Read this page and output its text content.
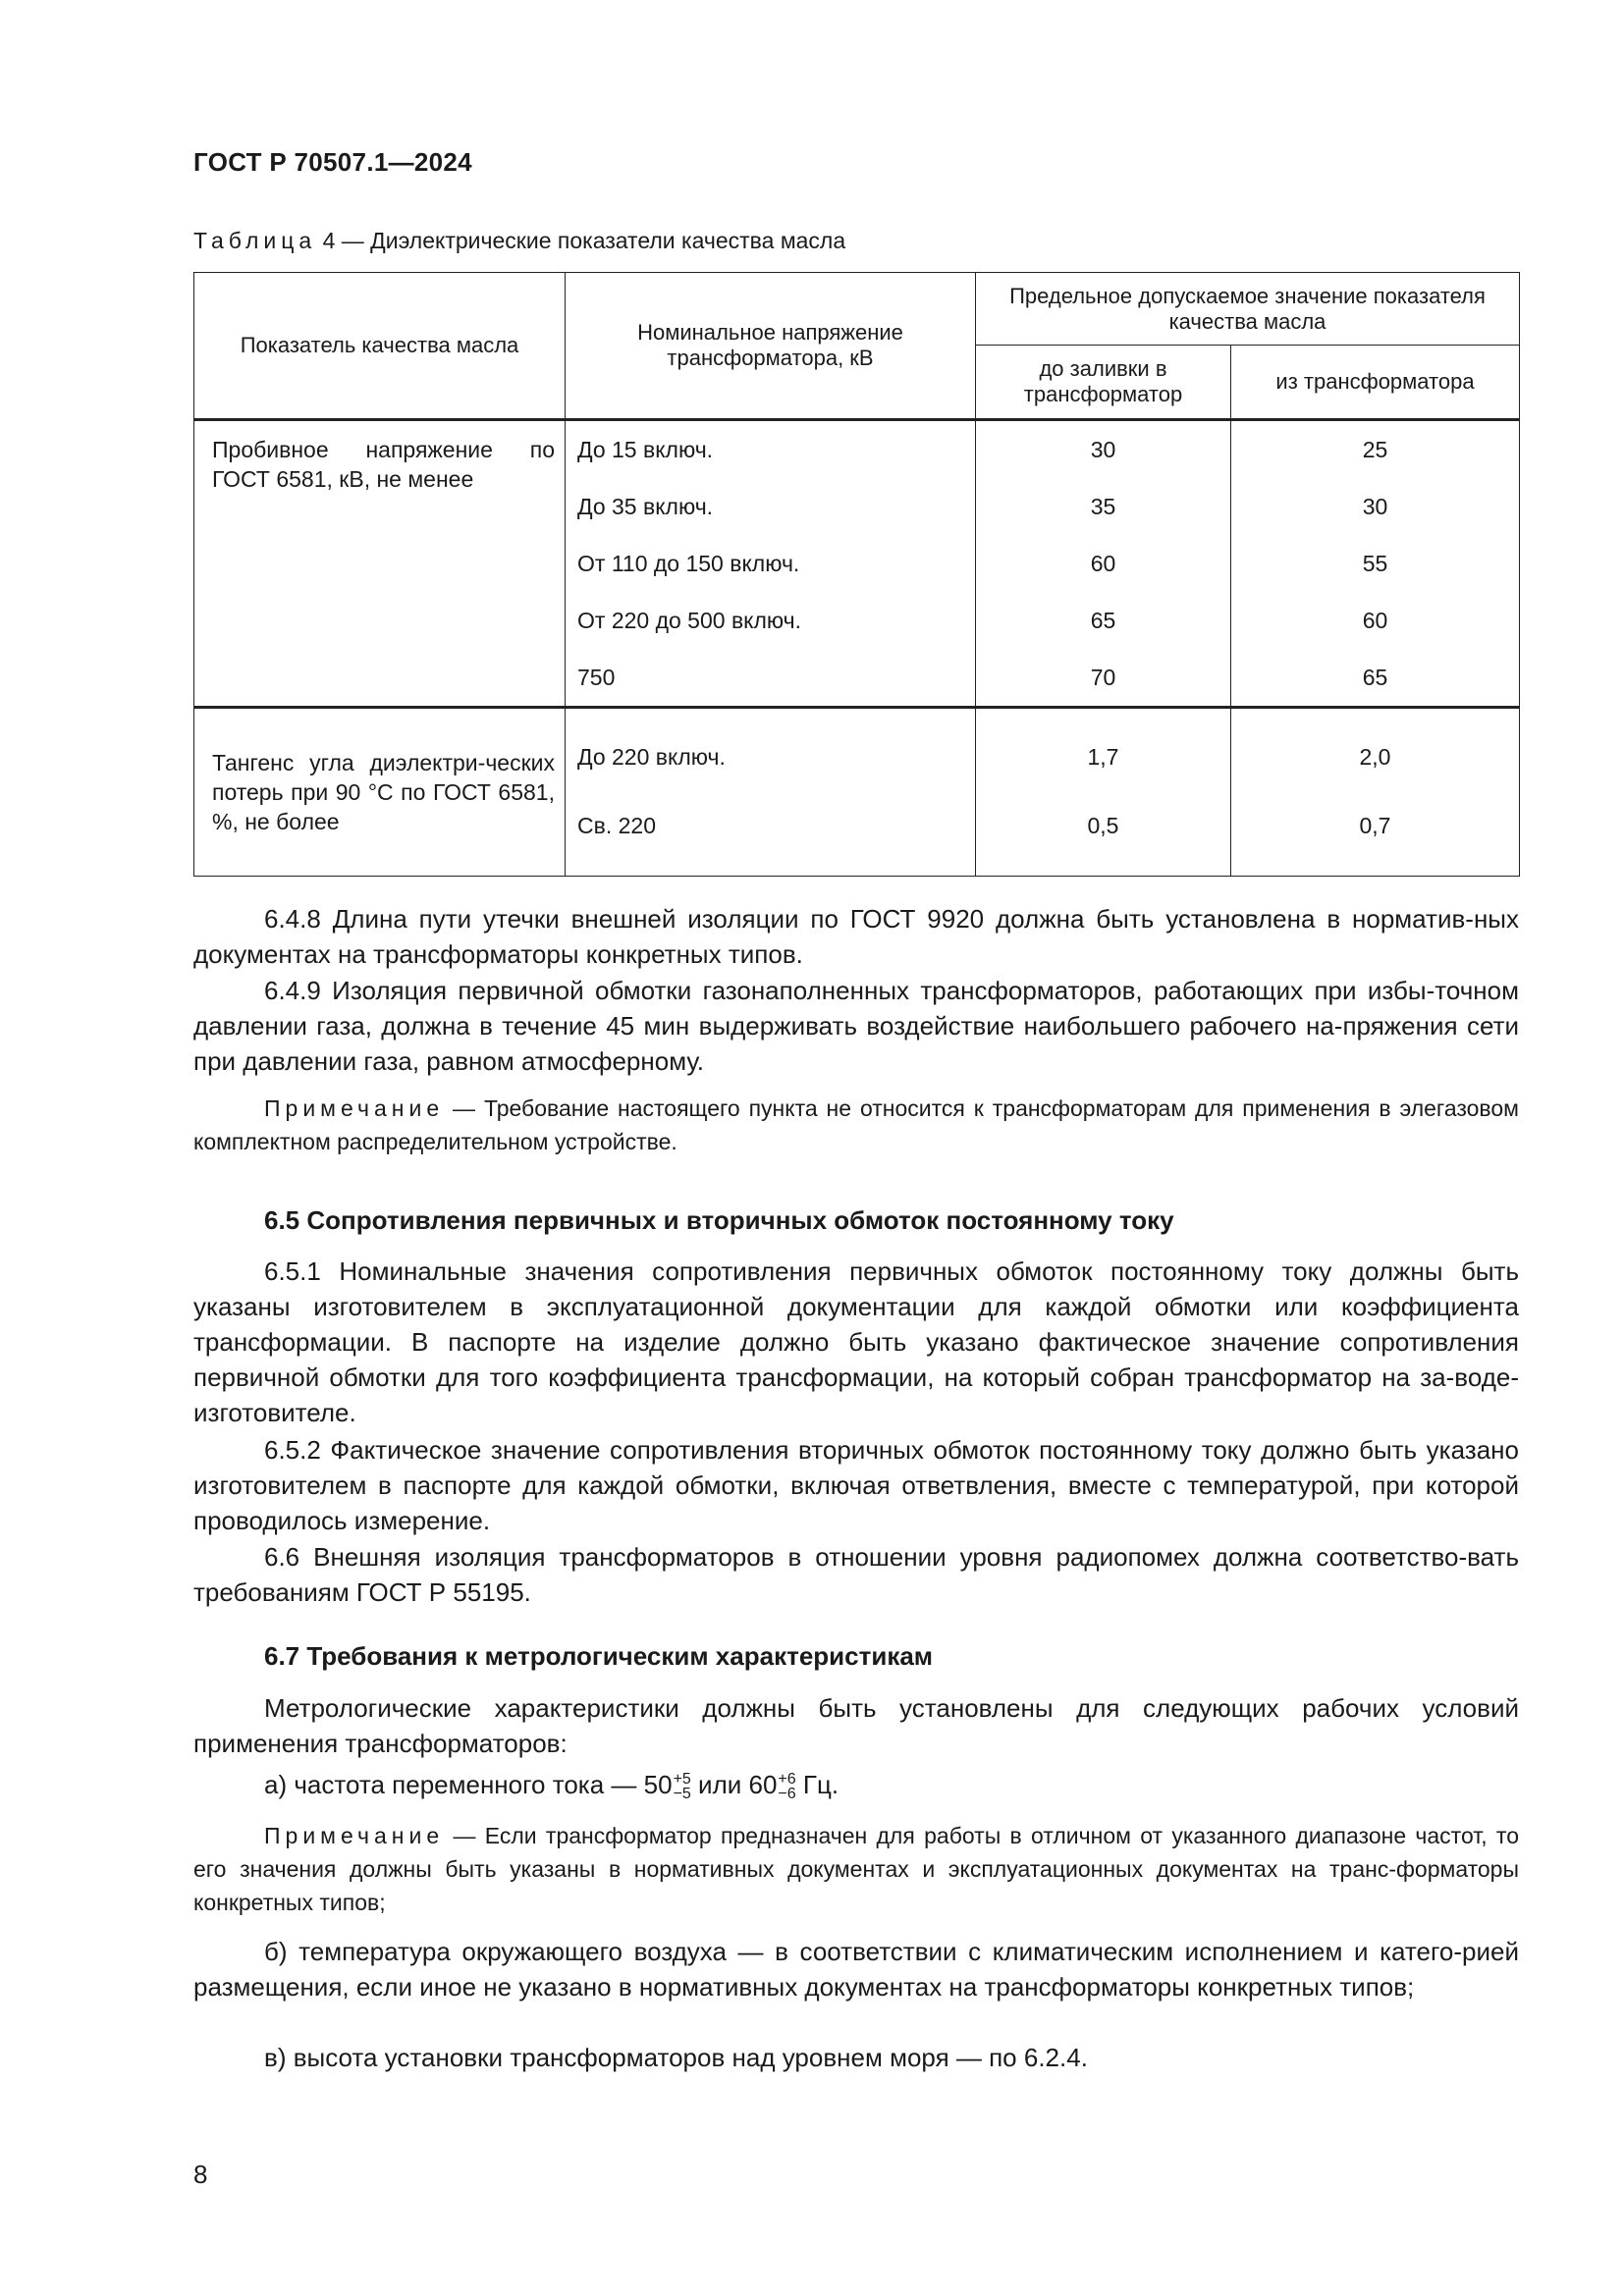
ГОСТ Р 70507.1—2024
Таблица 4 — Диэлектрические показатели качества масла
Показатель качества масла	Номинальное напряжение трансформатора, кВ	Предельное допускаемое значение показателя качества масла	
		до заливки в трансформатор	из трансформатора
Пробивное напряжение по ГОСТ 6581, кВ, не менее	До 15 включ.	30	25
	До 35 включ.	35	30
	От 110 до 150 включ.	60	55
	От 220 до 500 включ.	65	60
	750	70	65
Тангенс угла диэлектри-ческих потерь при 90 °С по ГОСТ 6581, %, не более	До 220 включ.	1,7	2,0
	Св. 220	0,5	0,7
6.4.8 Длина пути утечки внешней изоляции по ГОСТ 9920 должна быть установлена в норматив-ных документах на трансформаторы конкретных типов.
6.4.9 Изоляция первичной обмотки газонаполненных трансформаторов, работающих при избы-точном давлении газа, должна в течение 45 мин выдерживать воздействие наибольшего рабочего на-пряжения сети при давлении газа, равном атмосферному.
Примечание — Требование настоящего пункта не относится к трансформаторам для применения в элегазовом комплектном распределительном устройстве.
6.5 Сопротивления первичных и вторичных обмоток постоянному току
6.5.1 Номинальные значения сопротивления первичных обмоток постоянному току должны быть указаны изготовителем в эксплуатационной документации для каждой обмотки или коэффициента трансформации. В паспорте на изделие должно быть указано фактическое значение сопротивления первичной обмотки для того коэффициента трансформации, на который собран трансформатор на за-воде-изготовителе.
6.5.2 Фактическое значение сопротивления вторичных обмоток постоянному току должно быть указано изготовителем в паспорте для каждой обмотки, включая ответвления, вместе с температурой, при которой проводилось измерение.
6.6 Внешняя изоляция трансформаторов в отношении уровня радиопомех должна соответство-вать требованиям ГОСТ Р 55195.
6.7 Требования к метрологическим характеристикам
Метрологические характеристики должны быть установлены для следующих рабочих условий применения трансформаторов:
а) частота переменного тока — 50 +5
−5 или 60 +6
−6 Гц.
Примечание — Если трансформатор предназначен для работы в отличном от указанного диапазоне частот, то его значения должны быть указаны в нормативных документах и эксплуатационных документах на транс-форматоры конкретных типов;
б) температура окружающего воздуха — в соответствии с климатическим исполнением и катего-рией размещения, если иное не указано в нормативных документах на трансформаторы конкретных типов;
в) высота установки трансформаторов над уровнем моря — по 6.2.4.
8
